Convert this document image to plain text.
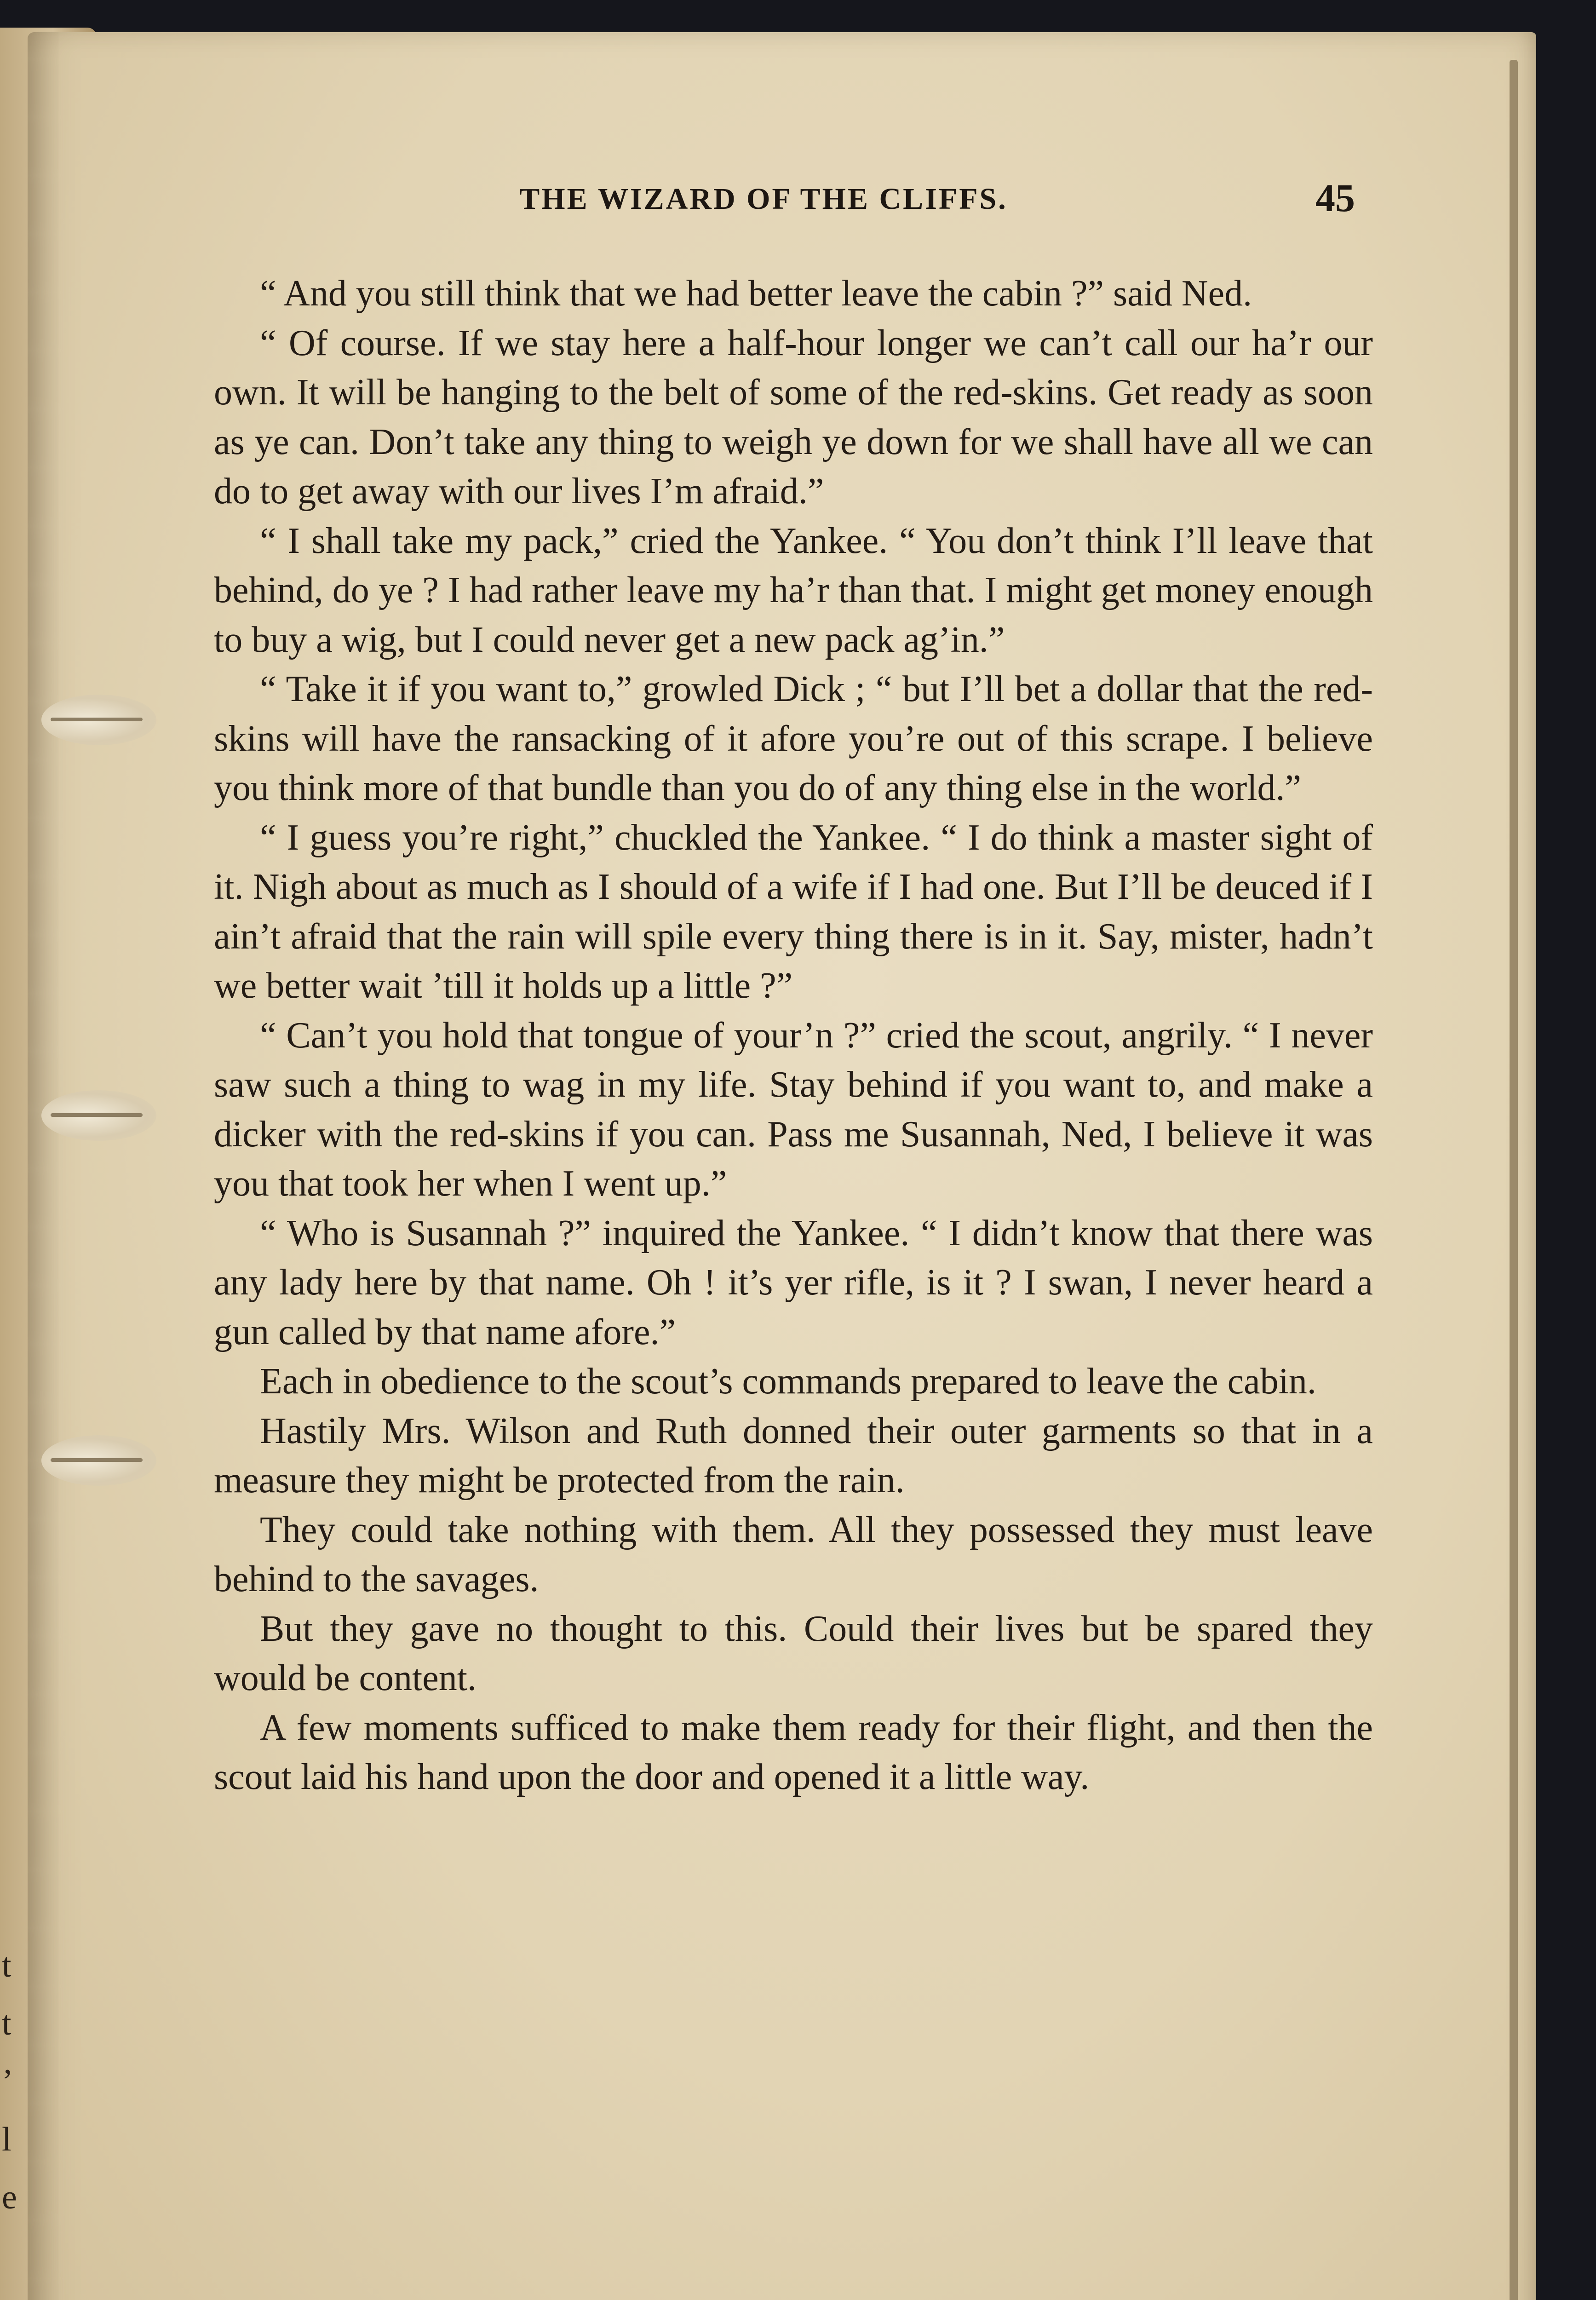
t
t
’
l
e
THE WIZARD OF THE CLIFFS.	45

“ And you still think that we had better leave the cabin ?” said Ned.

“ Of course. If we stay here a half-hour longer we can’t call our ha’r our own. It will be hanging to the belt of some of the red-skins. Get ready as soon as ye can. Don’t take any thing to weigh ye down for we shall have all we can do to get away with our lives I’m afraid.”

“ I shall take my pack,” cried the Yankee. “ You don’t think I’ll leave that behind, do ye ? I had rather leave my ha’r than that. I might get money enough to buy a wig, but I could never get a new pack ag’in.”

“ Take it if you want to,” growled Dick ; “ but I’ll bet a dollar that the red-skins will have the ransacking of it afore you’re out of this scrape. I believe you think more of that bundle than you do of any thing else in the world.”

“ I guess you’re right,” chuckled the Yankee. “ I do think a master sight of it. Nigh about as much as I should of a wife if I had one. But I’ll be deuced if I ain’t afraid that the rain will spile every thing there is in it. Say, mister, hadn’t we better wait ’till it holds up a little ?”

“ Can’t you hold that tongue of your’n ?” cried the scout, angrily. “ I never saw such a thing to wag in my life. Stay behind if you want to, and make a dicker with the red-skins if you can. Pass me Susannah, Ned, I believe it was you that took her when I went up.”

“ Who is Susannah ?” inquired the Yankee. “ I didn’t know that there was any lady here by that name. Oh ! it’s yer rifle, is it ? I swan, I never heard a gun called by that name afore.”

Each in obedience to the scout’s commands prepared to leave the cabin.

Hastily Mrs. Wilson and Ruth donned their outer garments so that in a measure they might be protected from the rain.

They could take nothing with them. All they possessed they must leave behind to the savages.

But they gave no thought to this. Could their lives but be spared they would be content.

A few moments sufficed to make them ready for their flight, and then the scout laid his hand upon the door and opened it a little way.
